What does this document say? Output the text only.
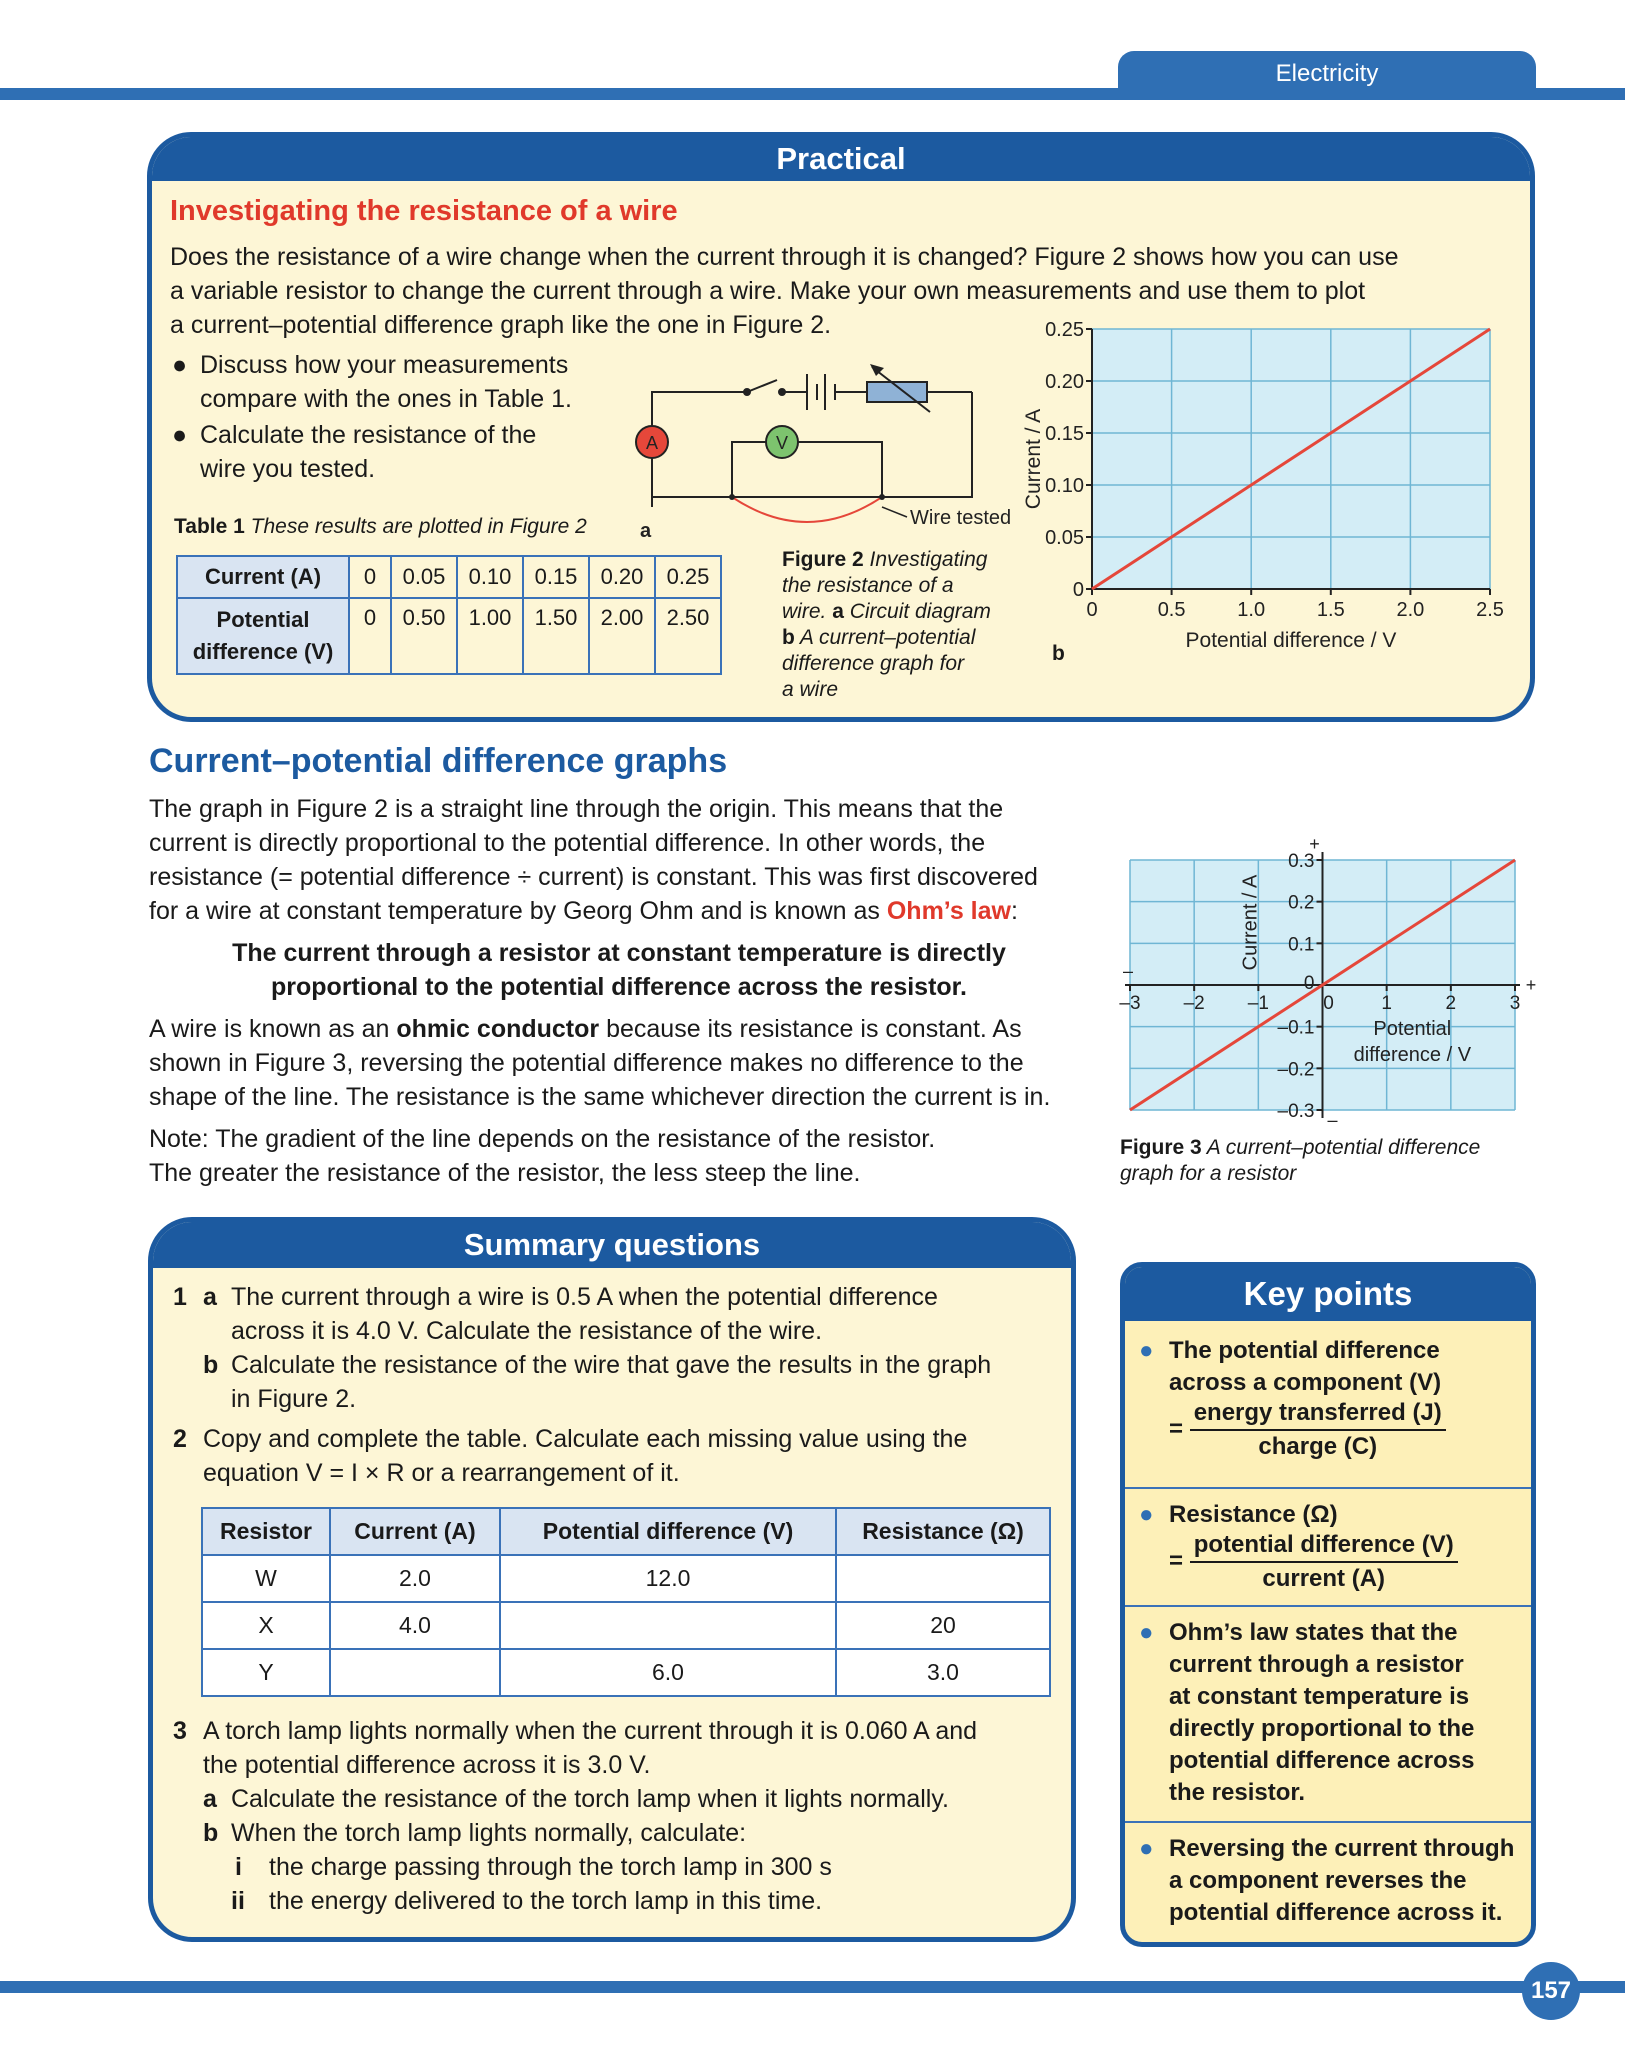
Electricity
Practical
Investigating the resistance of a wire
Does the resistance of a wire change when the current through it is changed? Figure 2 shows how you can use
a variable resistor to change the current through a wire. Make your own measurements and use them to plot
a current–potential difference graph like the one in Figure 2.
● Discuss how your measurements
compare with the ones in Table 1.
● Calculate the resistance of the
wire you tested.
Table 1 These results are plotted in Figure 2
Current (A)	0	0.05	0.10	0.15	0.20	0.25

Potential
difference (V)	0	0.50	1.00	1.50	2.00	2.50
A	V
Wire tested
a
Figure 2 Investigating
the resistance of a
wire. a Circuit diagram
b A current–potential
difference graph for
a wire
b
0	0.5	1.0	1.5	2.0	2.5
0
0.05
0.10
0.15
0.20
0.25
Potential difference / V
Current / A
Current–potential difference graphs
The graph in Figure 2 is a straight line through the origin. This means that the
current is directly proportional to the potential difference. In other words, the
resistance (= potential difference ÷ current) is constant. This was first discovered
for a wire at constant temperature by Georg Ohm and is known as Ohm’s law:
The current through a resistor at constant temperature is directly
proportional to the potential difference across the resistor.
A wire is known as an ohmic conductor because its resistance is constant. As
shown in Figure 3, reversing the potential difference makes no difference to the
shape of the line. The resistance is the same whichever direction the current is in.
Note: The gradient of the line depends on the resistance of the resistor.
The greater the resistance of the resistor, the less steep the line.
–3 –2 –1	0	1	2	3
–0.3
–0.2
–0.1
0.1
0.2
0.3
0
+
+
–
–
Current / A
Potential
difference / V
Figure 3 A current–potential difference
graph for a resistor
Summary questions
1 a The current through a wire is 0.5 A when the potential difference
across it is 4.0 V. Calculate the resistance of the wire.
b Calculate the resistance of the wire that gave the results in the graph
in Figure 2.
2 Copy and complete the table. Calculate each missing value using the
equation V = I × R or a rearrangement of it.
Resistor	Current (A)	Potential difference (V)	Resistance (Ω)
W	2.0	12.0	
X	4.0		20
Y		6.0	3.0
3 A torch lamp lights normally when the current through it is 0.060 A and
the potential difference across it is 3.0 V.
a Calculate the resistance of the torch lamp when it lights normally.
b When the torch lamp lights normally, calculate:
i the charge passing through the torch lamp in 300 s
ii the energy delivered to the torch lamp in this time.
Key points
● The potential difference
across a component (V)
= $\frac{\text{energy transferred (J)}}{\text{charge (C)}}$
● Resistance (Ω)
= $\frac{\text{potential difference (V)}}{\text{current (A)}}$
● Ohm’s law states that the
current through a resistor
at constant temperature is
directly proportional to the
potential difference across
the resistor.
● Reversing the current through
a component reverses the
potential difference across it.
157
